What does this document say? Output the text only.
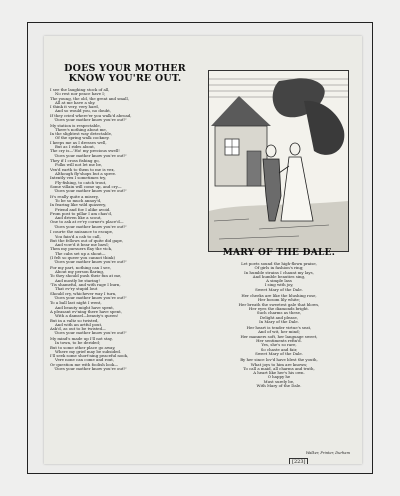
DOES YOUR MOTHER
KNOW YOU'RE OUT.
I see the laughing stock of all,
No rest nor peace have I;
The young, the old, the great and small,
All at me have a shy.
I think it very, very hard,
And so would you, no doubt,
If they cried where'er you walk'd abroad,
'Does your mother know you're out?'
My station is respectable,
There's nothing about me,
In the slightest way detectable,
Of the spring walk cockney.
I keeps me as I dresses well,
But as I rides about,
The cry is—'Ho! my precious swell!
'Does your mother know you're out?'
They if I cross fishing go,
Folks will not let me be,
Vex'd earth to them to me is vex,
Although fly'shops but a spree.
Intently vex I sometimes try,
Fly-fishing, to catch trout,
Some villain will come up, and cry—
'Does your mother know you're out?'
It's really quite a misery,
To be so much annoy'd,
In fearing like wild quizzery,
Friend and foe I alike avoid.
From post to pillar I am chas'd,
And driven like a scout,
One to ask at ev'ry corner's place'd—
'Does your mother know you're out?'
I courte the nuisance to escape,
You fain'd a cab to call,
But the fellows out of quite did gape,
And vow'd it bear me bawl;
Then my pursuers flay the vick,
The cabs set up a shout—
(I felt so queer you cannot think)
'Does your mother know you're out?'
For my part, nothing can I see,
About my person flaring,
To they should push their fun at me,
And mostly be staring!
'Tis shameful, and with rage I burn,
That ev'ry stupid lout
Should cry, whichever way I turn,
'Does your mother know you're out?'
To a ball last night I went,
And beauty might have spent,
A pleasant ev'ning there have spent,
With a damsel—beauty's queen!
But in a valtz so twisted,
And with an artful pout,
Ask'd, as out to be twisted—
'Does your mother know you're out?'
My mind's made up I'll not stay,
In town, to be derided;
But to some other place go away,
Where my grief may be subsided.
I'll seek some short'ning peaceful nook,
Vere none can come and rout,
Or question me with foolish look—
'Does your mother know you're out?'
MARY OF THE DALE.
Let poets sound the high-flown praise,
Of girls in fashion's ring;
In humble strains I chaunt my lays,
And humble beauties sing,
A simple lass
I sing with joy,
Sweet Mary of the Dale.
Her cheeks are like the blushing rose,
Her bosom lily white;
Her breath the sweetest gale that blows,
Her eyes the diamonds bright.
Such charms as these,
Delight and please,
In Mary of the Dale.
Her heart is tender virtue's seat,
And of wit, her mind;
Her manners soft, her language sweet,
Her sentiments refin'd.
Yes, she's so rare,
So chaste and fair,
Sweet Mary of the Dale.
By her since lov'd have blest the youth,
What joys to him are known;
To call a maid, all charms and truth,
A heart like her's his own.
O happy he
Must surely be,
With Mary of the Dale.
Walker, Printer, Durham
[223]
